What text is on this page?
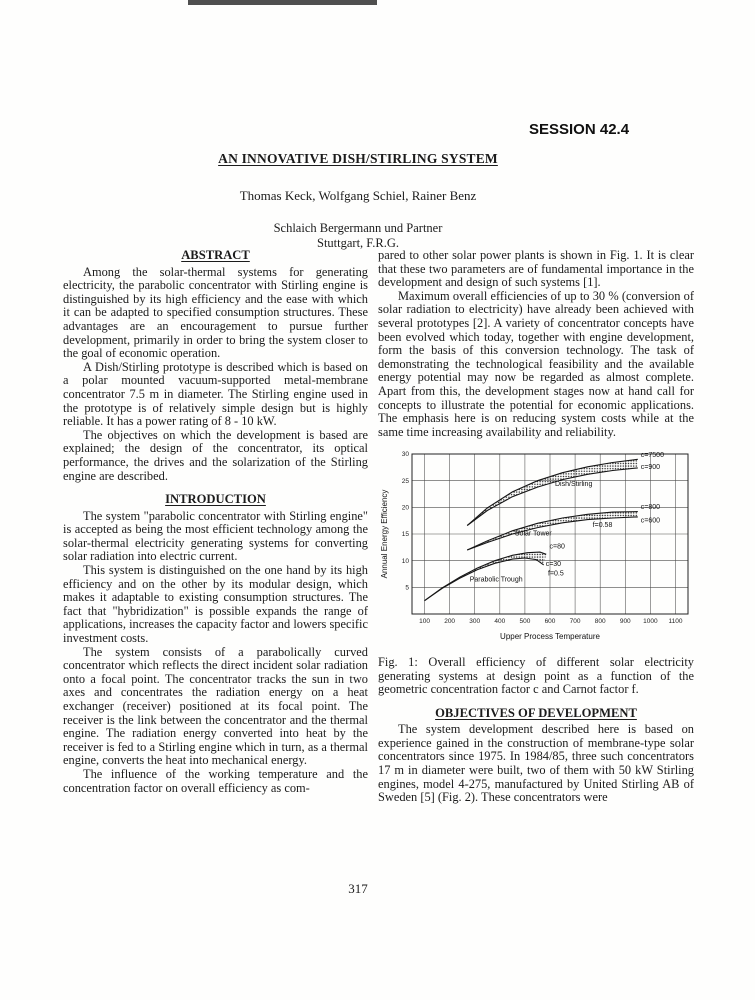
SESSION 42.4
AN INNOVATIVE DISH/STIRLING SYSTEM
Thomas Keck, Wolfgang Schiel, Rainer Benz
Schlaich Bergermann und Partner
Stuttgart, F.R.G.
ABSTRACT

Among the solar-thermal systems for generating electricity, the parabolic concentrator with Stirling engine is distinguished by its high efficiency and the ease with which it can be adapted to specified consumption structures. These advantages are an encouragement to pursue further development, primarily in order to bring the system closer to the goal of economic operation.

A Dish/Stirling prototype is described which is based on a polar mounted vacuum-supported metal-membrane concentrator 7.5 m in diameter. The Stirling engine used in the prototype is of relatively simple design but is highly reliable. It has a power rating of 8 - 10 kW.

The objectives on which the development is based are explained; the design of the concentrator, its optical performance, the drives and the solarization of the Stirling engine are described.

INTRODUCTION

The system "parabolic concentrator with Stirling engine" is accepted as being the most efficient technology among the solar-thermal electricity generating systems for converting solar radiation into electric current.

This system is distinguished on the one hand by its high efficiency and on the other by its modular design, which makes it adaptable to existing consumption structures. The fact that "hybridization" is possible expands the range of applications, increases the capacity factor and lowers specific investment costs.

The system consists of a parabolically curved concentrator which reflects the direct incident solar radiation onto a focal point. The concentrator tracks the sun in two axes and concentrates the radiation energy on a heat exchanger (receiver) positioned at its focal point. The receiver is the link between the concentrator and the thermal engine. The radiation energy converted into heat by the receiver is fed to a Stirling engine which in turn, as a thermal engine, converts the heat into mechanical energy.

The influence of the working temperature and the concentration factor on overall efficiency as com-

pared to other solar power plants is shown in Fig. 1. It is clear that these two parameters are of fundamental importance in the development and design of such systems [1].

Maximum overall efficiencies of up to 30 % (conversion of solar radiation to electricity) have already been achieved with several prototypes [2]. A variety of concentrator concepts have been evolved which today, together with engine development, form the basis of this conversion technology. The task of demonstrating the technological feasibility and the available energy potential may now be regarded as almost complete. Apart from this, the development stages now at hand call for concepts to illustrate the potential for economic applications. The emphasis here is on reducing system costs while at the same time increasing availability and reliability.

100 200 300 400 500 600 700 800 900 1000 1100
5
10
15
20
25
30
Dish/Stirling
c=7500
c=900
Solar Tower
c=800
c=600
f=0.58
Parabolic Trough
c=80
c=30
f=0.5
Upper Process Temperature
Annual Energy Efficiency

Fig. 1: Overall efficiency of different solar electricity generating systems at design point as a function of the geometric concentration factor c and Carnot factor f.

OBJECTIVES OF DEVELOPMENT

The system development described here is based on experience gained in the construction of membrane-type solar concentrators since 1975. In 1984/85, three such concentrators 17 m in diameter were built, two of them with 50 kW Stirling engines, model 4-275, manufactured by United Stirling AB of Sweden [5] (Fig. 2). These concentrators were

317
